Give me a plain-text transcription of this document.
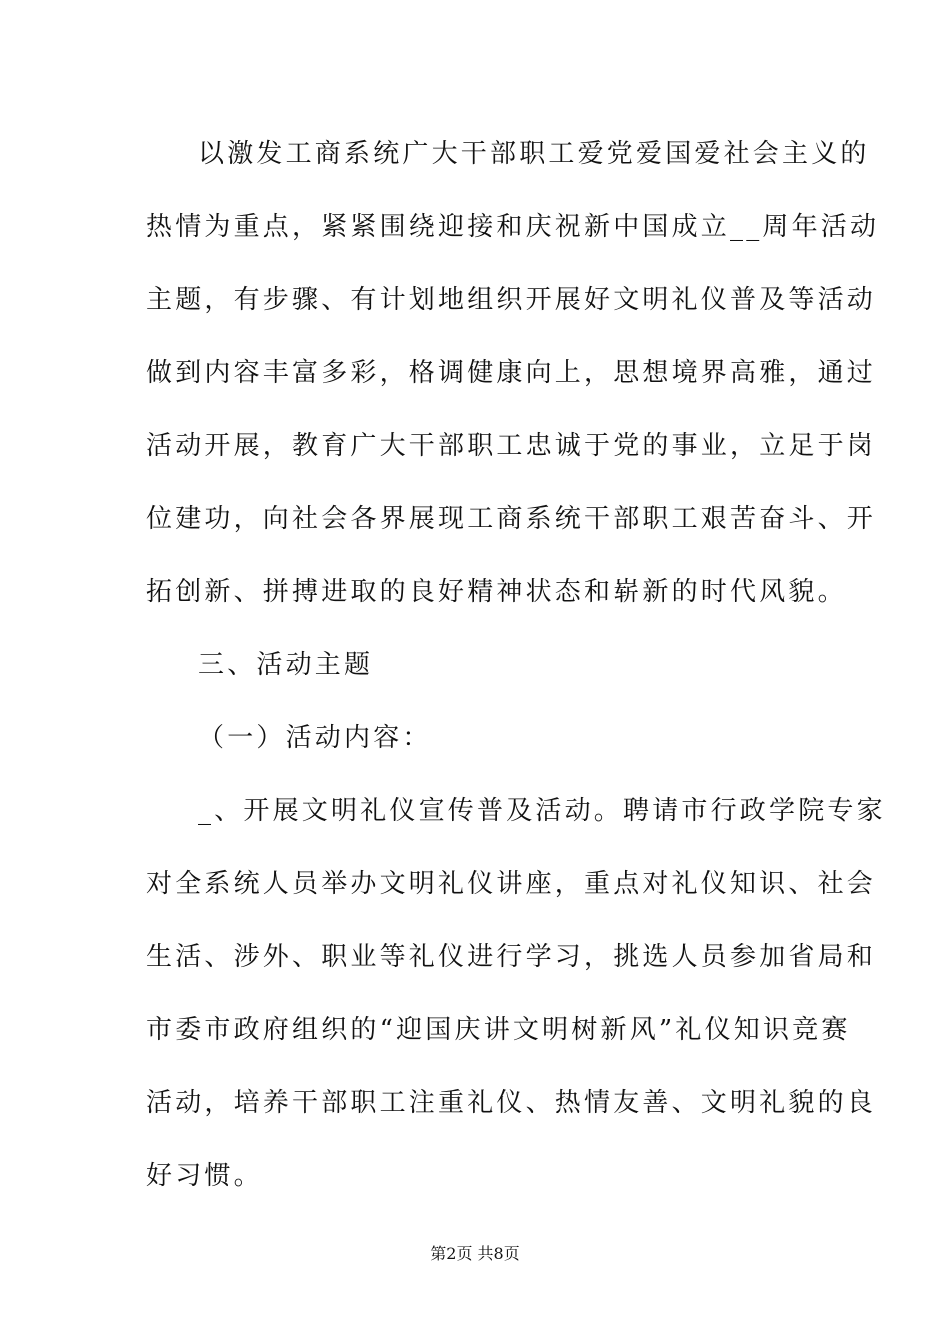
以激发工商系统广大干部职工爱党爱国爱社会主义的
热情为重点，紧紧围绕迎接和庆祝新中国成立__周年活动
主题，有步骤、有计划地组织开展好文明礼仪普及等活动
做到内容丰富多彩，格调健康向上，思想境界高雅，通过
活动开展，教育广大干部职工忠诚于党的事业，立足于岗
位建功，向社会各界展现工商系统干部职工艰苦奋斗、开
拓创新、拼搏进取的良好精神状态和崭新的时代风貌。
三、活动主题
（一）活动内容：
_、开展文明礼仪宣传普及活动。聘请市行政学院专家
对全系统人员举办文明礼仪讲座，重点对礼仪知识、社会
生活、涉外、职业等礼仪进行学习，挑选人员参加省局和
市委市政府组织的“迎国庆讲文明树新风”礼仪知识竞赛
活动，培养干部职工注重礼仪、热情友善、文明礼貌的良
好习惯。
第2页 共8页
